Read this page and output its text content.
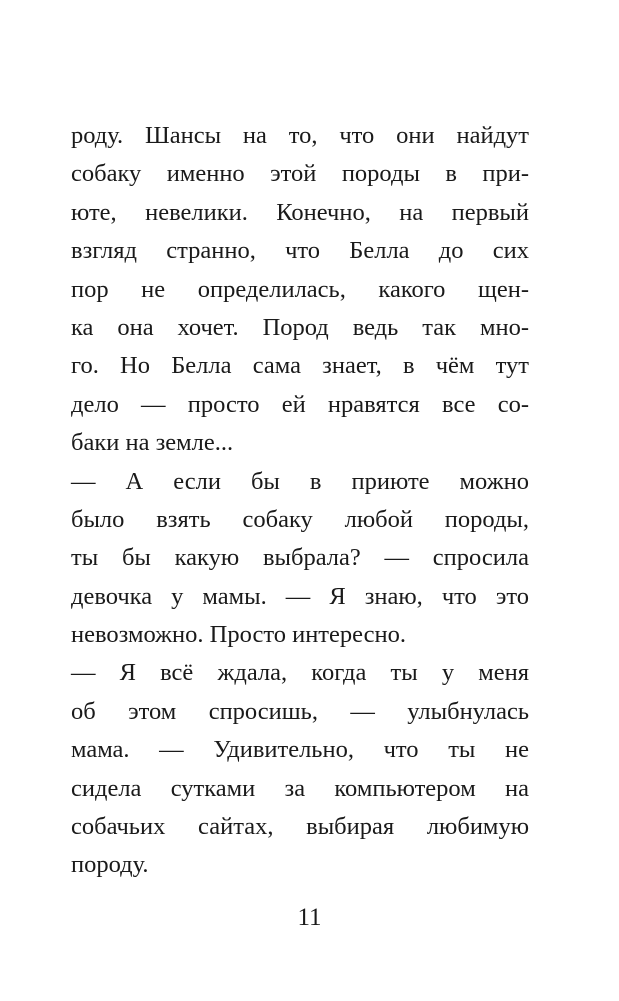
роду. Шансы на то, что они найдут
собаку именно этой породы в при-
юте, невелики. Конечно, на первый
взгляд странно, что Белла до сих
пор не определилась, какого щен-
ка она хочет. Пород ведь так мно-
го. Но Белла сама знает, в чём тут
дело — просто ей нравятся все со-
баки на земле...
— А если бы в приюте можно
было взять собаку любой породы,
ты бы какую выбрала? — спросила
девочка у мамы. — Я знаю, что это
невозможно. Просто интересно.
— Я всё ждала, когда ты у меня
об этом спросишь, — улыбнулась
мама. — Удивительно, что ты не
сидела сутками за компьютером на
собачьих сайтах, выбирая любимую
породу.
11
